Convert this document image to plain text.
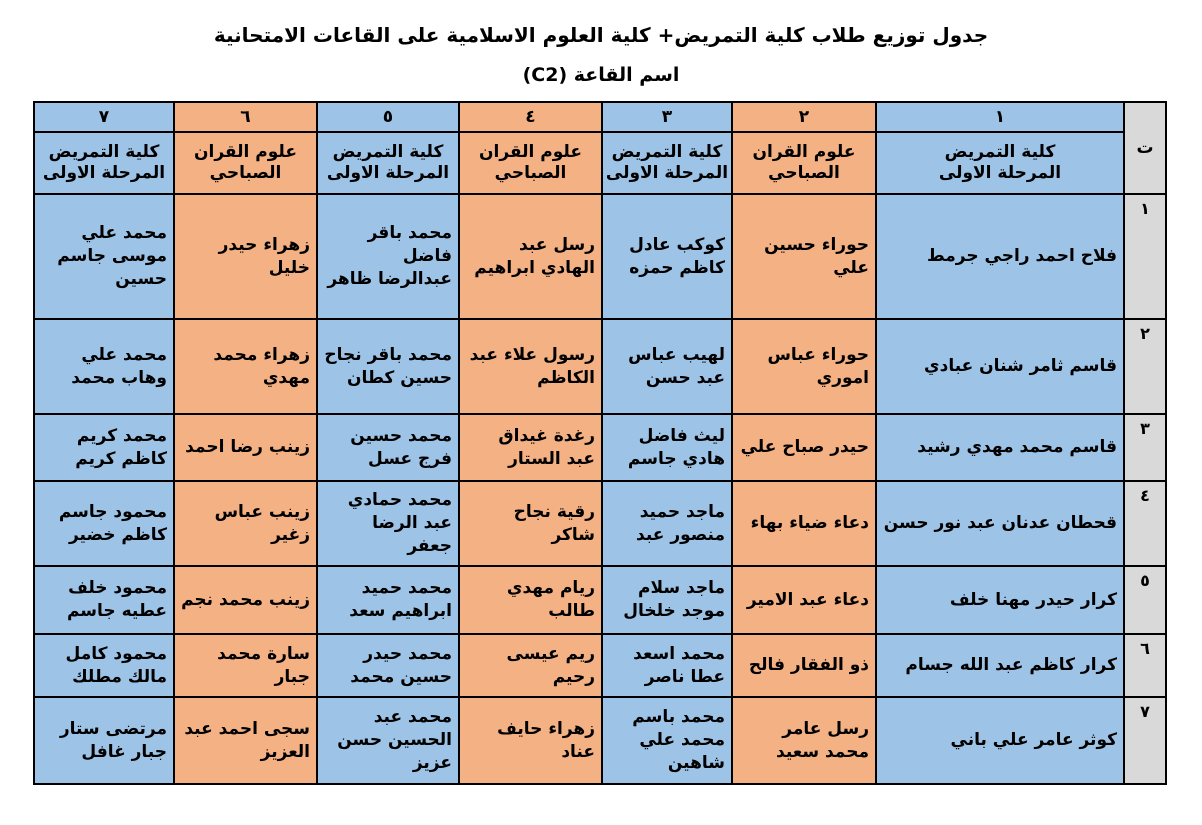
جدول توزيع طلاب كلية التمريض+ كلية العلوم الاسلامية على القاعات الامتحانية
اسم القاعة (C2)
ت	١	٢	٣	٤	٥	٦	٧

	كلية التمريض المرحلة الاولى	علوم القران الصباحي	كلية التمريض المرحلة الاولى	علوم القران الصباحي	كلية التمريض المرحلة الاولى	علوم القران الصباحي	كلية التمريض المرحلة الاولى

١	فلاح احمد راجي جرمط	حوراء حسين علي	كوكب عادل كاظم حمزه	رسل عبد الهادي ابراهيم	محمد باقر فاضل عبدالرضا ظاهر	زهراء حيدر خليل	محمد علي موسى جاسم حسين
٢	قاسم ثامر شنان عبادي	حوراء عباس اموري	لهيب عباس عبد حسن	رسول علاء عبد الكاظم	محمد باقر نجاح حسين كطان	زهراء محمد مهدي	محمد علي وهاب محمد
٣	قاسم محمد مهدي رشيد	حيدر صباح علي	ليث فاضل هادي جاسم	رغدة غيداق عبد الستار	محمد حسين فرج عسل	زينب رضا احمد	محمد كريم كاظم كريم
٤	قحطان عدنان عبد نور حسن	دعاء ضياء بهاء	ماجد حميد منصور عبد	رقية نجاح شاكر	محمد حمادي عبد الرضا جعفر	زينب عباس زغير	محمود جاسم كاظم خضير
٥	كرار حيدر مهنا خلف	دعاء عبد الامير	ماجد سلام موجد خلخال	ريام مهدي طالب	محمد حميد ابراهيم سعد	زينب محمد نجم	محمود خلف عطيه جاسم
٦	كرار كاظم عبد الله جسام	ذو الفقار فالح	محمد اسعد عطا ناصر	ريم عيسى رحيم	محمد حيدر حسين محمد	سارة محمد جبار	محمود كامل مالك مطلك
٧	كوثر عامر علي باني	رسل عامر محمد سعيد	محمد باسم محمد علي شاهين	زهراء حايف عناد	محمد عبد الحسين حسن عزيز	سجى احمد عبد العزيز	مرتضى ستار جبار غافل
